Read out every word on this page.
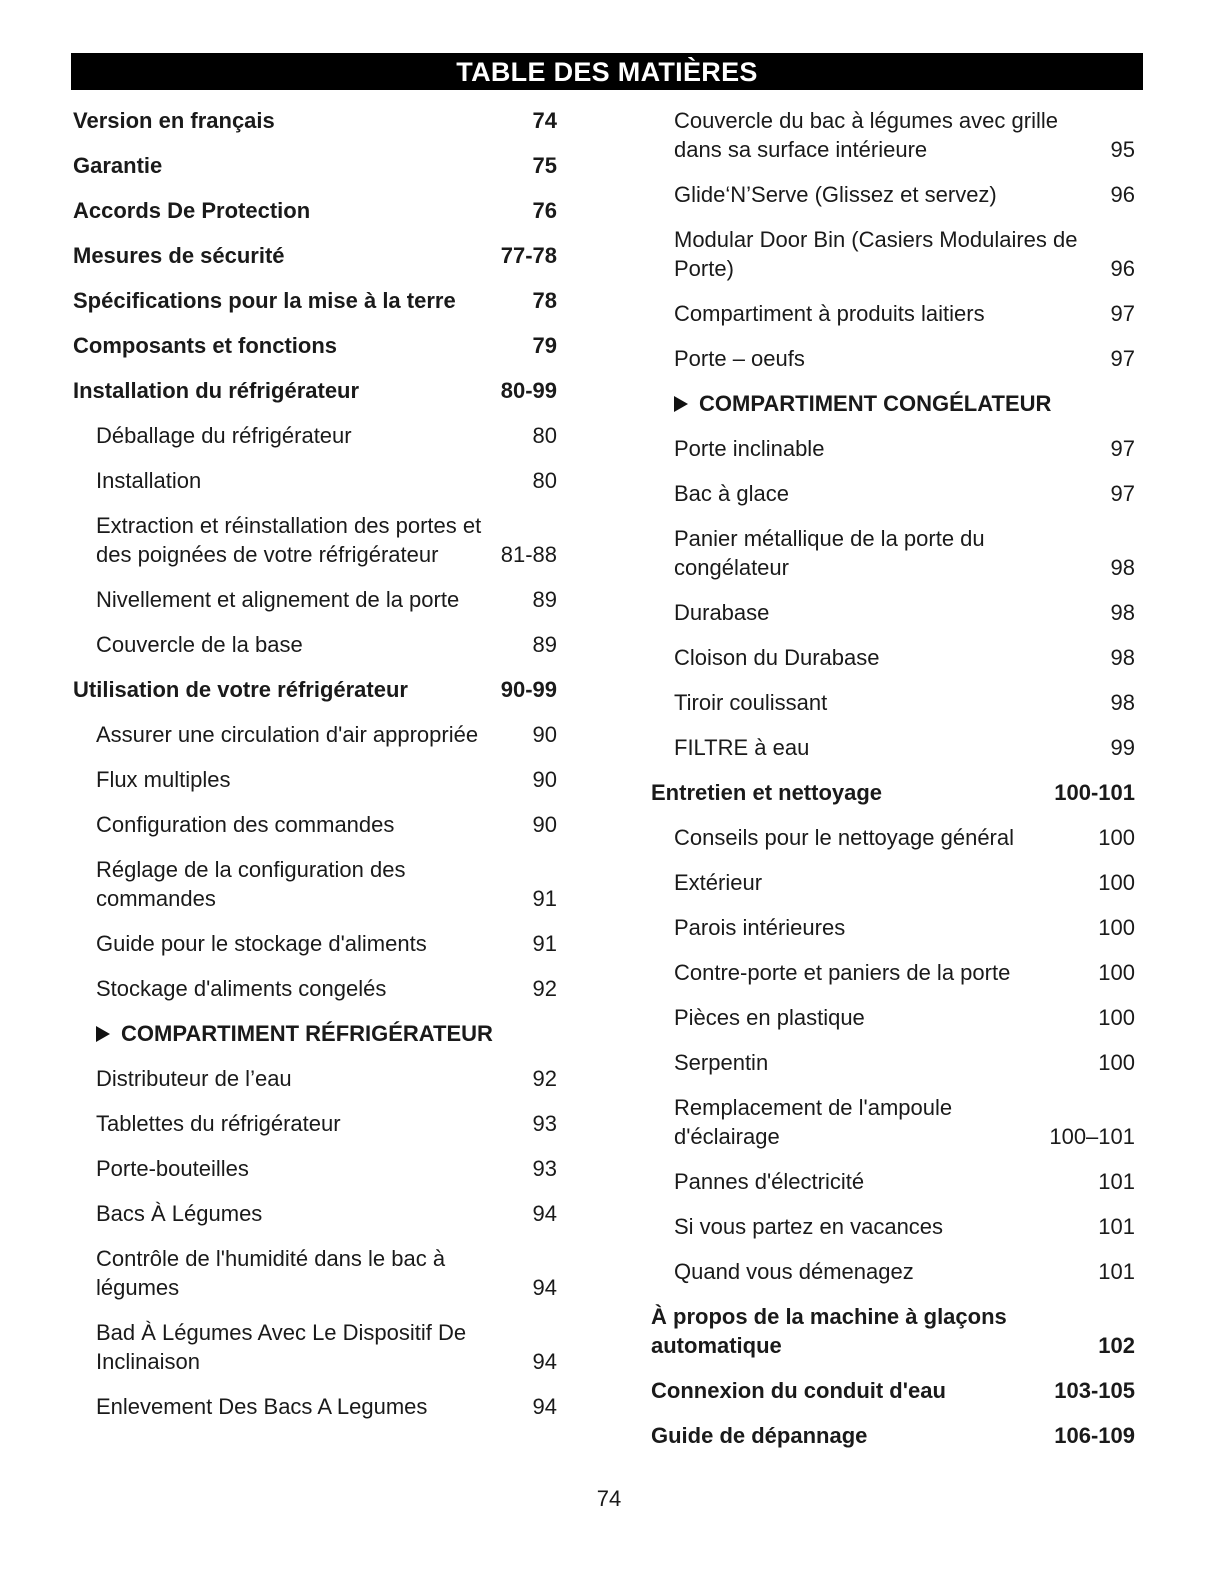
TABLE DES MATIÈRES
Version en français	74
Garantie	75
Accords De Protection	76
Mesures de sécurité	77-78
Spécifications pour la mise à la terre	78
Composants et fonctions	79
Installation du réfrigérateur	80-99
Déballage du réfrigérateur	80
Installation	80
Extraction et réinstallation des portes et des poignées de votre réfrigérateur	81-88
Nivellement et alignement de la porte	89
Couvercle de la base	89
Utilisation de votre réfrigérateur	90-99
Assurer une circulation d'air appropriée	90
Flux multiples	90
Configuration des commandes	90
Réglage de la configuration des commandes	91
Guide pour le stockage d'aliments	91
Stockage d'aliments congelés	92
COMPARTIMENT RÉFRIGÉRATEUR
Distributeur de l’eau	92
Tablettes du réfrigérateur	93
Porte-bouteilles	93
Bacs À Légumes	94
Contrôle de l'humidité dans le bac à légumes	94
Bad À Légumes Avec Le Dispositif De Inclinaison	94
Enlevement Des Bacs A Legumes	94
Couvercle du bac à légumes avec grille dans sa surface intérieure	95
Glide‘N’Serve (Glissez et servez)	96
Modular Door Bin (Casiers Modulaires de Porte)	96
Compartiment à produits laitiers	97
Porte – oeufs	97
COMPARTIMENT CONGÉLATEUR
Porte inclinable	97
Bac à glace	97
Panier métallique de la porte du congélateur	98
Durabase	98
Cloison du Durabase	98
Tiroir coulissant	98
FILTRE à eau	99
Entretien et nettoyage	100-101
Conseils pour le nettoyage général	100
Extérieur	100
Parois intérieures	100
Contre-porte et paniers de la porte	100
Pièces en plastique	100
Serpentin	100
Remplacement de l'ampoule d'éclairage	100–101
Pannes d'électricité	101
Si vous partez en vacances	101
Quand vous démenagez	101
À propos de la machine à glaçons automatique	102
Connexion du conduit d'eau	103-105
Guide de dépannage	106-109
74
